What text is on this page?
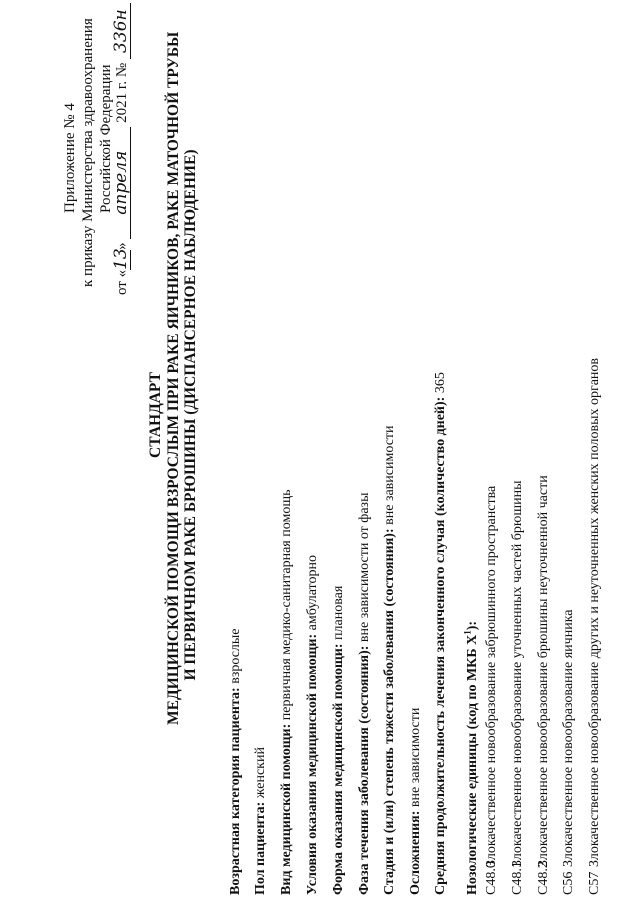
Приложение № 4 к приказу Министерства здравоохранения Российской Федерации
от «13» апреля 2021 г. № 336н
СТАНДАРТ МЕДИЦИНСКОЙ ПОМОЩИ ВЗРОСЛЫМ ПРИ РАКЕ ЯИЧНИКОВ, РАКЕ МАТОЧНОЙ ТРУБЫ И ПЕРВИЧНОМ РАКЕ БРЮШИНЫ (ДИСПАНСЕРНОЕ НАБЛЮДЕНИЕ)
Возрастная категория пациента: взрослые
Пол пациента: женский Вид медицинской помощи: первичная медико-санитарная помощь
Условия оказания медицинской помощи: амбулаторно
Форма оказания медицинской помощи: плановая
Фаза течения заболевания (состояния): вне зависимости от фазы Стадия и (или) степень тяжести заболевания (состояния): вне зависимости
Осложнения: вне зависимости Средняя продолжительность лечения законченного случая (количество дней): 365
Нозологические единицы (код по МКБ $X^1$):
C48.0Злокачественное новообразование забрюшинного пространства
C48.1Злокачественное новообразование уточненных частей брюшины
C48.2Злокачественное новообразование брюшины неуточненной части
C56Злокачественное новообразование яичника
C57Злокачественное новообразование других и неуточненных женских половых органов
